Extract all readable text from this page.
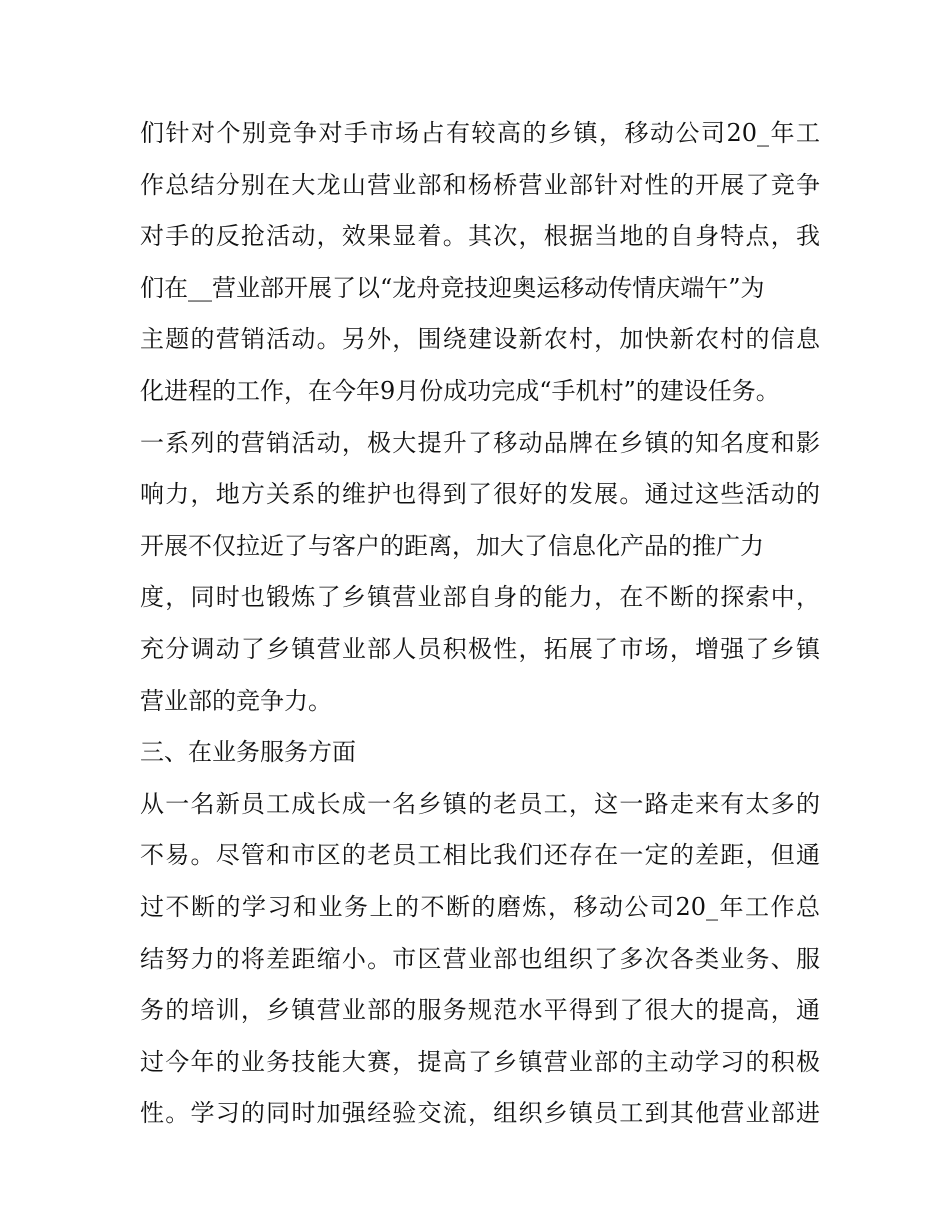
们针对个别竞争对手市场占有较高的乡镇，移动公司20_年工
作总结分别在大龙山营业部和杨桥营业部针对性的开展了竞争
对手的反抢活动，效果显着。其次，根据当地的自身特点，我
们在__营业部开展了以“龙舟竞技迎奥运移动传情庆端午”为
主题的营销活动。另外，围绕建设新农村，加快新农村的信息
化进程的工作，在今年9月份成功完成“手机村”的建设任务。
一系列的营销活动，极大提升了移动品牌在乡镇的知名度和影
响力，地方关系的维护也得到了很好的发展。通过这些活动的
开展不仅拉近了与客户的距离，加大了信息化产品的推广力
度，同时也锻炼了乡镇营业部自身的能力，在不断的探索中，
充分调动了乡镇营业部人员积极性，拓展了市场，增强了乡镇
营业部的竞争力。
三、在业务服务方面
从一名新员工成长成一名乡镇的老员工，这一路走来有太多的
不易。尽管和市区的老员工相比我们还存在一定的差距，但通
过不断的学习和业务上的不断的磨炼，移动公司20_年工作总
结努力的将差距缩小。市区营业部也组织了多次各类业务、服
务的培训，乡镇营业部的服务规范水平得到了很大的提高，通
过今年的业务技能大赛，提高了乡镇营业部的主动学习的积极
性。学习的同时加强经验交流，组织乡镇员工到其他营业部进
